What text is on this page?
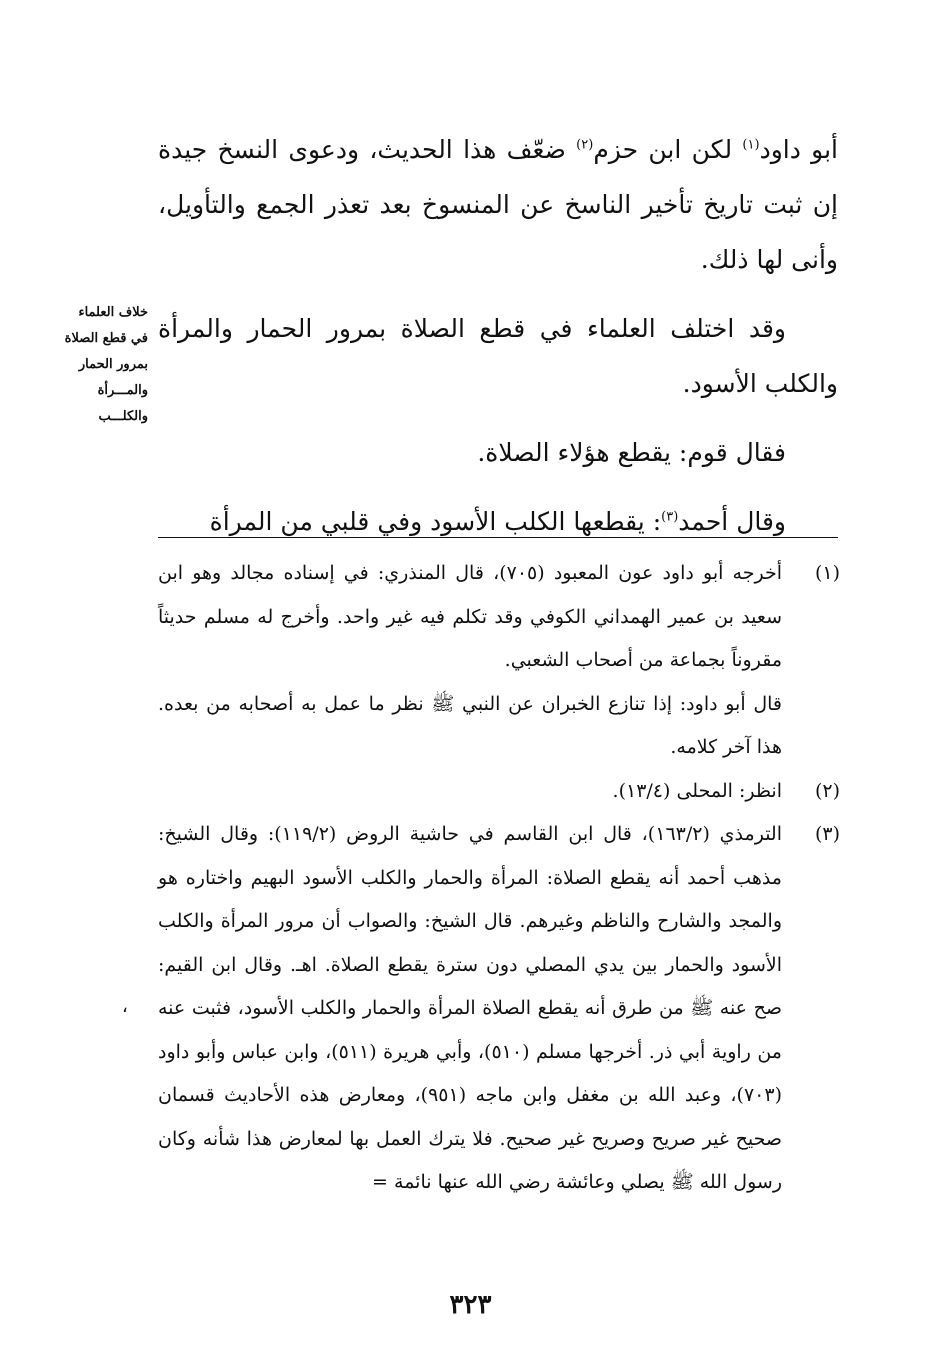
أبو داود$^{(١)}$ لكن ابن حزم$^{(٢)}$ ضعّف هذا الحديث، ودعوى النسخ جيدة إن ثبت تاريخ تأخير الناسخ عن المنسوخ بعد تعذر الجمع والتأويل، وأنى لها ذلك.

وقد اختلف العلماء في قطع الصلاة بمرور الحمار والمرأة والكلب الأسود.

فقال قوم: يقطع هؤلاء الصلاة.

وقال أحمد$^{(٣)}$: يقطعها الكلب الأسود وفي قلبي من المرأة

خلاف العلماء
في قطع الصلاة
بمرور الحمار
والمـــرأة
والكلـــب
(١)
أخرجه أبو داود عون المعبود (٧٠٥)، قال المنذري: في إسناده مجالد وهو ابن سعيد بن عمير الهمداني الكوفي وقد تكلم فيه غير واحد. وأخرج له مسلم حديثاً مقروناً بجماعة من أصحاب الشعبي.
قال أبو داود: إذا تنازع الخبران عن النبي ﷺ نظر ما عمل به أصحابه من بعده. هذا آخر كلامه.
(٢)
انظر: المحلى (١٣/٤).
(٣)
الترمذي (١٦٣/٢)، قال ابن القاسم في حاشية الروض (١١٩/٢): وقال الشيخ: مذهب أحمد أنه يقطع الصلاة: المرأة والحمار والكلب الأسود البهيم واختاره هو والمجد والشارح والناظم وغيرهم. قال الشيخ: والصواب أن مرور المرأة والكلب الأسود والحمار بين يدي المصلي دون سترة يقطع الصلاة. اهـ. وقال ابن القيم: صح عنه ﷺ من طرق أنه يقطع الصلاة المرأة والحمار والكلب الأسود، فثبت عنه من راوية أبي ذر. أخرجها مسلم (٥١٠)، وأبي هريرة (٥١١)، وابن عباس وأبو داود (٧٠٣)، وعبد الله بن مغفل وابن ماجه (٩٥١)، ومعارض هذه الأحاديث قسمان صحيح غير صريح وصريح غير صحيح. فلا يترك العمل بها لمعارض هذا شأنه وكان رسول الله ﷺ يصلي وعائشة رضي الله عنها نائمة =
،
٣٢٣
